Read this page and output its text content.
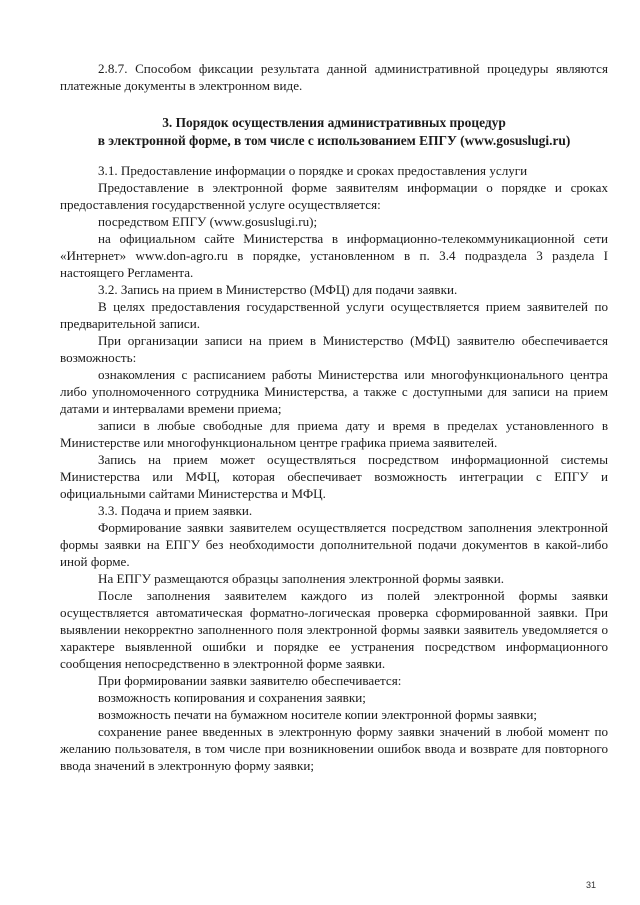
2.8.7. Способом фиксации результата данной административной процедуры являются платежные документы в электронном виде.

3. Порядок осуществления административных процедур
в электронной форме, в том числе с использованием ЕПГУ (www.gosuslugi.ru)

3.1. Предоставление информации о порядке и сроках предоставления услуги

Предоставление в электронной форме заявителям информации о порядке и сроках предоставления государственной услуге осуществляется:

посредством ЕПГУ (www.gosuslugi.ru);

на официальном сайте Министерства в информационно-телекоммуникационной сети «Интернет» www.don-agro.ru в порядке, установленном в п. 3.4 подраздела 3 раздела I настоящего Регламента.

3.2. Запись на прием в Министерство (МФЦ) для подачи заявки.

В целях предоставления государственной услуги осуществляется прием заявителей по предварительной записи.

При организации записи на прием в Министерство (МФЦ) заявителю обеспечивается возможность:

ознакомления с расписанием работы Министерства или многофункционального центра либо уполномоченного сотрудника Министерства, а также с доступными для записи на прием датами и интервалами времени приема;

записи в любые свободные для приема дату и время в пределах установленного в Министерстве или многофункциональном центре графика приема заявителей.

Запись на прием может осуществляться посредством информационной системы Министерства или МФЦ, которая обеспечивает возможность интеграции с ЕПГУ и официальными сайтами Министерства и МФЦ.

3.3. Подача и прием заявки.

Формирование заявки заявителем осуществляется посредством заполнения электронной формы заявки на ЕПГУ без необходимости дополнительной подачи документов в какой-либо иной форме.

На ЕПГУ размещаются образцы заполнения электронной формы заявки.

После заполнения заявителем каждого из полей электронной формы заявки осуществляется автоматическая форматно-логическая проверка сформированной заявки. При выявлении некорректно заполненного поля электронной формы заявки заявитель уведомляется о характере выявленной ошибки и порядке ее устранения посредством информационного сообщения непосредственно в электронной форме заявки.

При формировании заявки заявителю обеспечивается:

возможность копирования и сохранения заявки;

возможность печати на бумажном носителе копии электронной формы заявки;

сохранение ранее введенных в электронную форму заявки значений в любой момент по желанию пользователя, в том числе при возникновении ошибок ввода и возврате для повторного ввода значений в электронную форму заявки;

31
